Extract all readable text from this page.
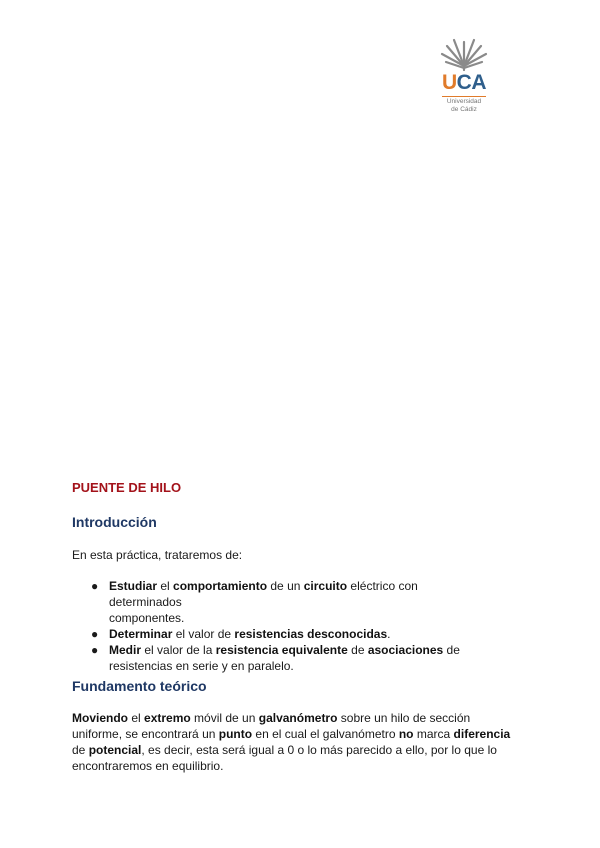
UCA
Universidad
de Cádiz
PUENTE DE HILO
Introducción
En esta práctica, trataremos de:
● Estudiar el comportamiento de un circuito eléctrico con determinados
componentes.
● Determinar el valor de resistencias desconocidas.
● Medir el valor de la resistencia equivalente de asociaciones de
resistencias en serie y en paralelo.
Fundamento teórico

Moviendo el extremo móvil de un galvanómetro sobre un hilo de sección

uniforme, se encontrará un punto en el cual el galvanómetro no marca diferencia

de potencial, es decir, esta será igual a 0 o lo más parecido a ello, por lo que lo

encontraremos en equilibrio.
